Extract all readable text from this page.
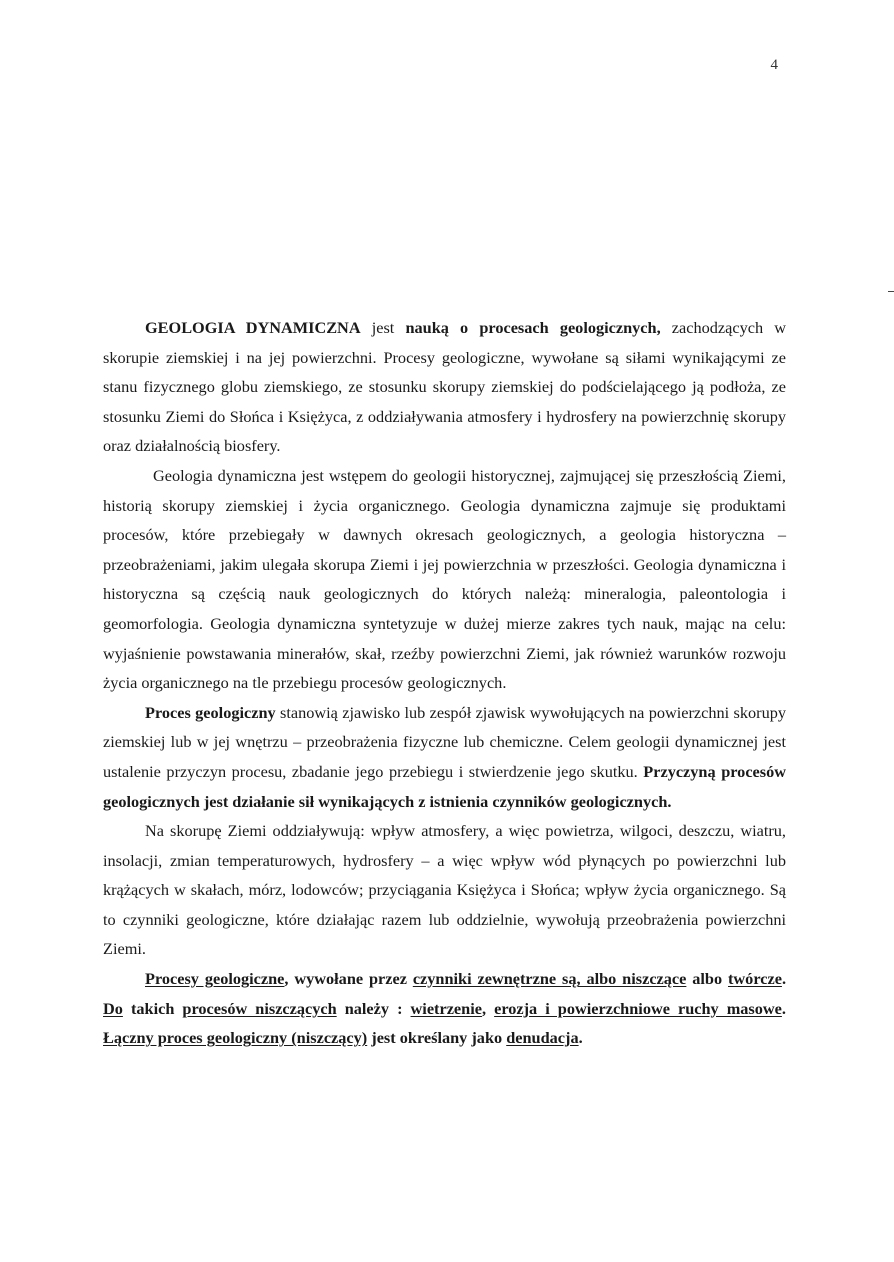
4

GEOLOGIA DYNAMICZNA jest nauką o procesach geologicznych, zachodzących w skorupie ziemskiej i na jej powierzchni. Procesy geologiczne, wywołane są siłami wynikającymi ze stanu fizycznego globu ziemskiego, ze stosunku skorupy ziemskiej do podścielającego ją podłoża, ze stosunku Ziemi do Słońca i Księżyca, z oddziaływania atmosfery i hydrosfery na powierzchnię skorupy oraz działalnością biosfery.

Geologia dynamiczna jest wstępem do geologii historycznej, zajmującej się przeszłością Ziemi, historią skorupy ziemskiej i życia organicznego. Geologia dynamiczna zajmuje się produktami procesów, które przebiegały w dawnych okresach geologicznych, a geologia historyczna – przeobrażeniami, jakim ulegała skorupa Ziemi i jej powierzchnia w przeszłości. Geologia dynamiczna i historyczna są częścią nauk geologicznych do których należą: mineralogia, paleontologia i geomorfologia. Geologia dynamiczna syntetyzuje w dużej mierze zakres tych nauk, mając na celu: wyjaśnienie powstawania minerałów, skał, rzeźby powierzchni Ziemi, jak również warunków rozwoju życia organicznego na tle przebiegu procesów geologicznych.

Proces geologiczny stanowią zjawisko lub zespół zjawisk wywołujących na powierzchni skorupy ziemskiej lub w jej wnętrzu – przeobrażenia fizyczne lub chemiczne. Celem geologii dynamicznej jest ustalenie przyczyn procesu, zbadanie jego przebiegu i stwierdzenie jego skutku. Przyczyną procesów geologicznych jest działanie sił wynikających z istnienia czynników geologicznych.

Na skorupę Ziemi oddziaływują: wpływ atmosfery, a więc powietrza, wilgoci, deszczu, wiatru, insolacji, zmian temperaturowych, hydrosfery – a więc wpływ wód płynących po powierzchni lub krążących w skałach, mórz, lodowców; przyciągania Księżyca i Słońca; wpływ życia organicznego. Są to czynniki geologiczne, które działając razem lub oddzielnie, wywołują przeobrażenia powierzchni Ziemi.

Procesy geologiczne, wywołane przez czynniki zewnętrzne są, albo niszczące albo twórcze. Do takich procesów niszczących należy : wietrzenie, erozja i powierzchniowe ruchy masowe. Łączny proces geologiczny (niszczący) jest określany jako denudacja.
